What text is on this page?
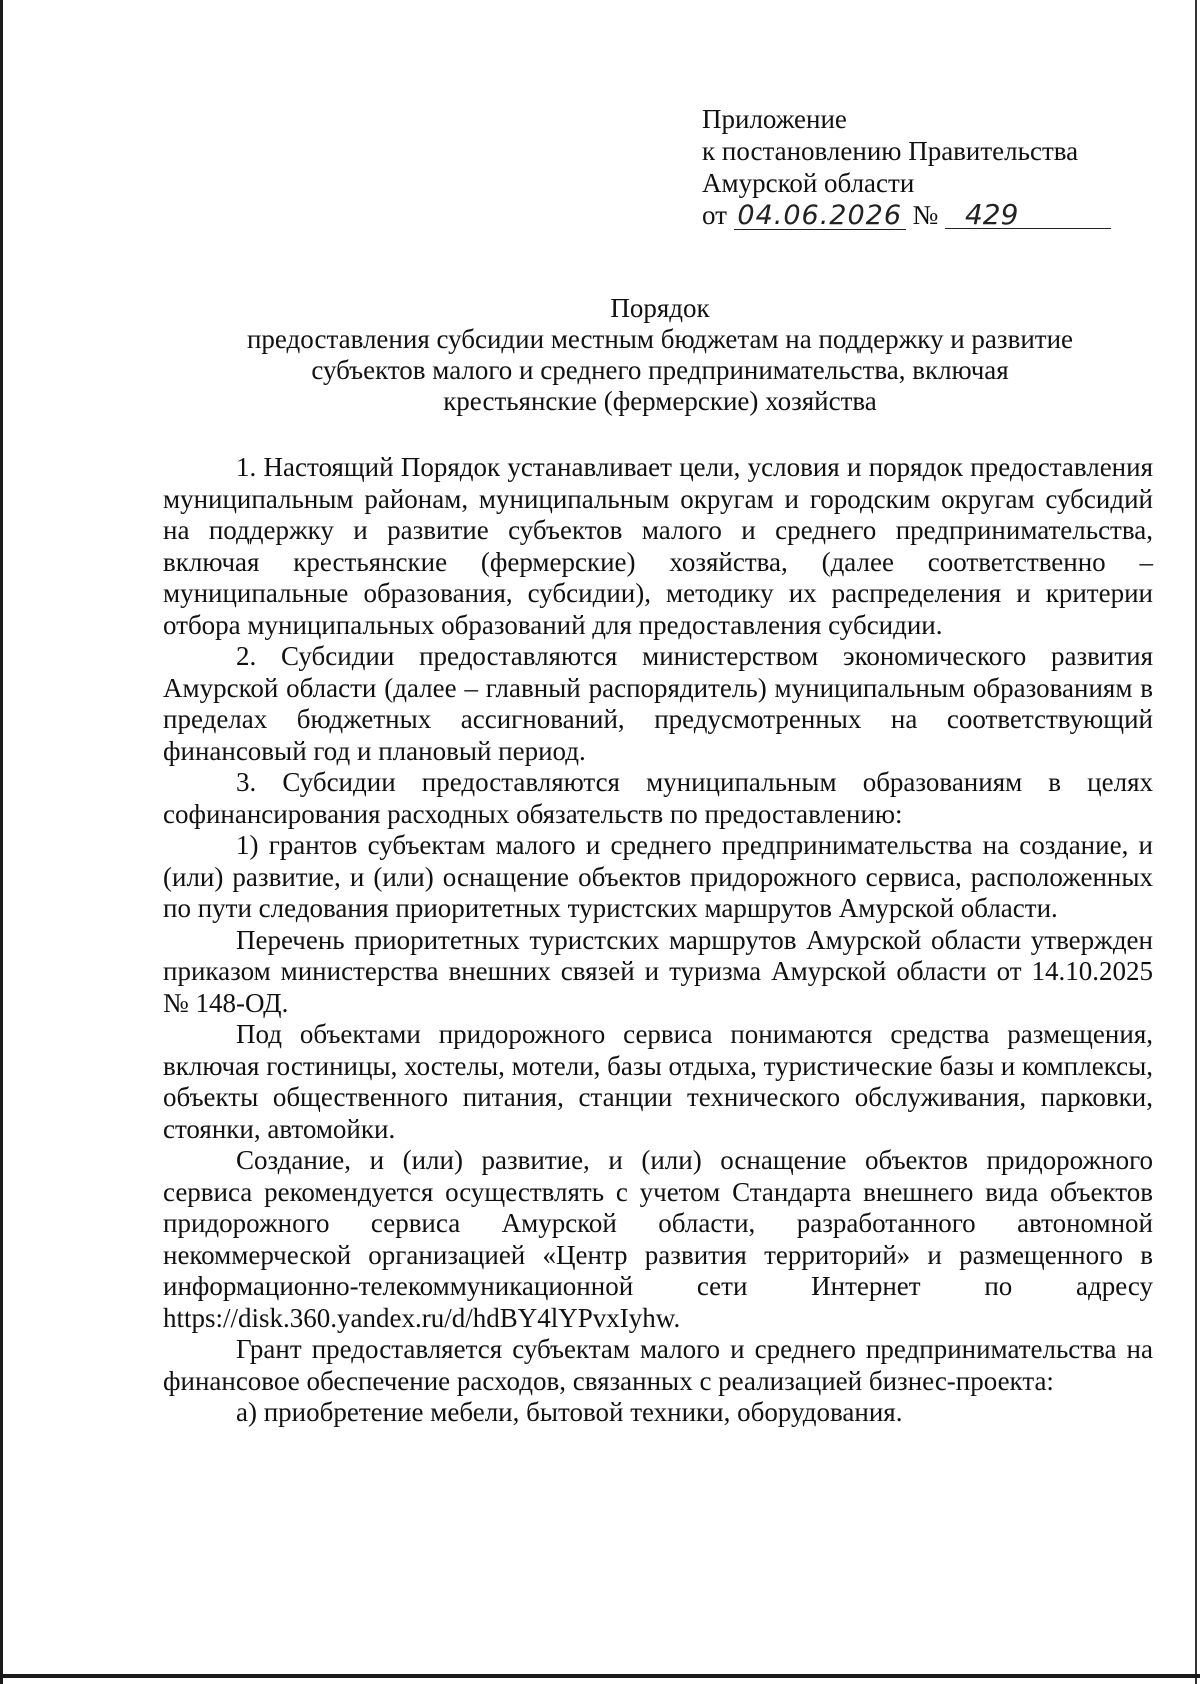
Приложение
к постановлению Правительства
Амурской области
от 04.06.2026 № 429
Порядок
предоставления субсидии местным бюджетам на поддержку и развитие
субъектов малого и среднего предпринимательства, включая
крестьянские (фермерские) хозяйства

1. Настоящий Порядок устанавливает цели, условия и порядок предоставления муниципальным районам, муниципальным округам и городским округам субсидий на поддержку и развитие субъектов малого и среднего предпринимательства, включая крестьянские (фермерские) хозяйства, (далее соответственно – муниципальные образования, субсидии), методику их распределения и критерии отбора муниципальных образований для предоставления субсидии.

2. Субсидии предоставляются министерством экономического развития Амурской области (далее – главный распорядитель) муниципальным образованиям в пределах бюджетных ассигнований, предусмотренных на соответствующий финансовый год и плановый период.

3. Субсидии предоставляются муниципальным образованиям в целях софинансирования расходных обязательств по предоставлению:

1) грантов субъектам малого и среднего предпринимательства на создание, и (или) развитие, и (или) оснащение объектов придорожного сервиса, расположенных по пути следования приоритетных туристских маршрутов Амурской области.

Перечень приоритетных туристских маршрутов Амурской области утвержден приказом министерства внешних связей и туризма Амурской области от 14.10.2025 № 148-ОД.

Под объектами придорожного сервиса понимаются средства размещения, включая гостиницы, хостелы, мотели, базы отдыха, туристические базы и комплексы, объекты общественного питания, станции технического обслуживания, парковки, стоянки, автомойки.

Создание, и (или) развитие, и (или) оснащение объектов придорожного сервиса рекомендуется осуществлять с учетом Стандарта внешнего вида объектов придорожного сервиса Амурской области, разработанного автономной некоммерческой организацией «Центр развития территорий» и размещенного в информационно-телекоммуникационной сети Интернет по адресу https://disk.360.yandex.ru/d/hdBY4lYPvxIyhw.

Грант предоставляется субъектам малого и среднего предпринимательства на финансовое обеспечение расходов, связанных с реализацией бизнес-проекта:

а) приобретение мебели, бытовой техники, оборудования.
